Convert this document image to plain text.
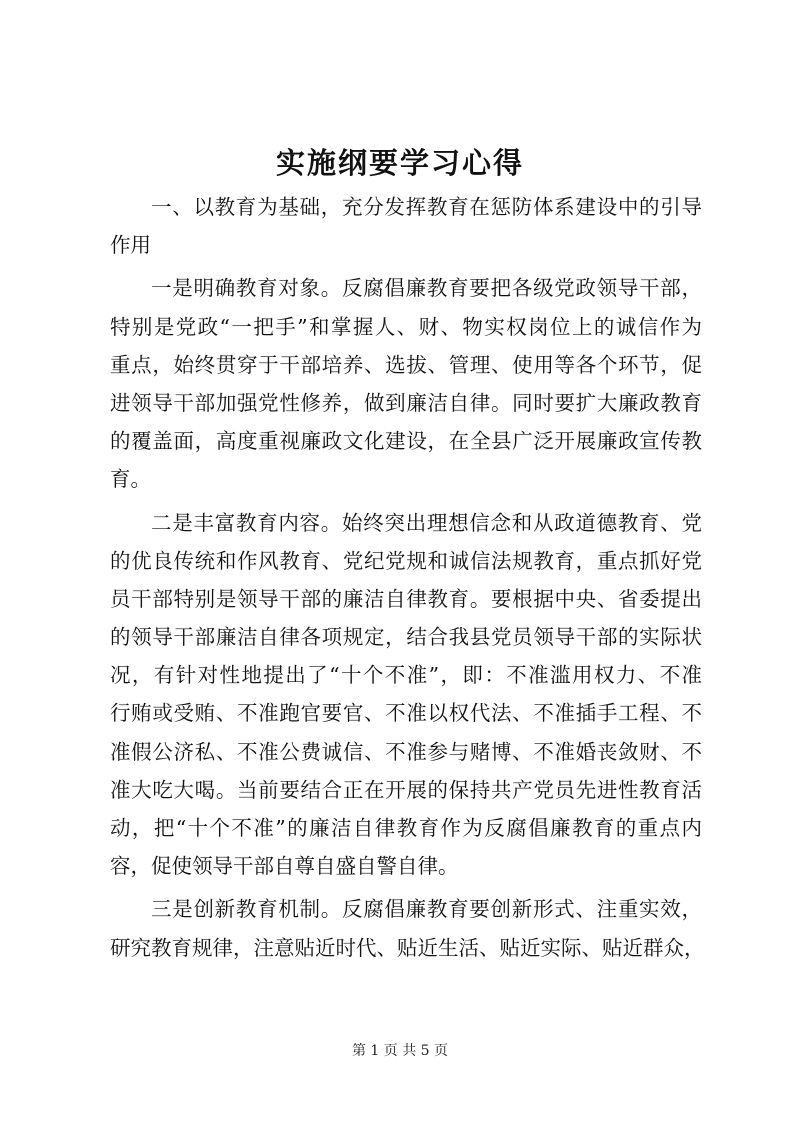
实施纲要学习心得
一、以教育为基础，充分发挥教育在惩防体系建设中的引导
作用
一是明确教育对象。反腐倡廉教育要把各级党政领导干部，
特别是党政“一把手”和掌握人、财、物实权岗位上的诚信作为
重点，始终贯穿于干部培养、选拔、管理、使用等各个环节，促
进领导干部加强党性修养，做到廉洁自律。同时要扩大廉政教育
的覆盖面，高度重视廉政文化建设，在全县广泛开展廉政宣传教
育。
二是丰富教育内容。始终突出理想信念和从政道德教育、党
的优良传统和作风教育、党纪党规和诚信法规教育，重点抓好党
员干部特别是领导干部的廉洁自律教育。要根据中央、省委提出
的领导干部廉洁自律各项规定，结合我县党员领导干部的实际状
况，有针对性地提出了“十个不准”，即：不准滥用权力、不准
行贿或受贿、不准跑官要官、不准以权代法、不准插手工程、不
准假公济私、不准公费诚信、不准参与赌博、不准婚丧敛财、不
准大吃大喝。当前要结合正在开展的保持共产党员先进性教育活
动，把“十个不准”的廉洁自律教育作为反腐倡廉教育的重点内
容，促使领导干部自尊自盛自警自律。
三是创新教育机制。反腐倡廉教育要创新形式、注重实效，
研究教育规律，注意贴近时代、贴近生活、贴近实际、贴近群众，
第 1 页 共 5 页
